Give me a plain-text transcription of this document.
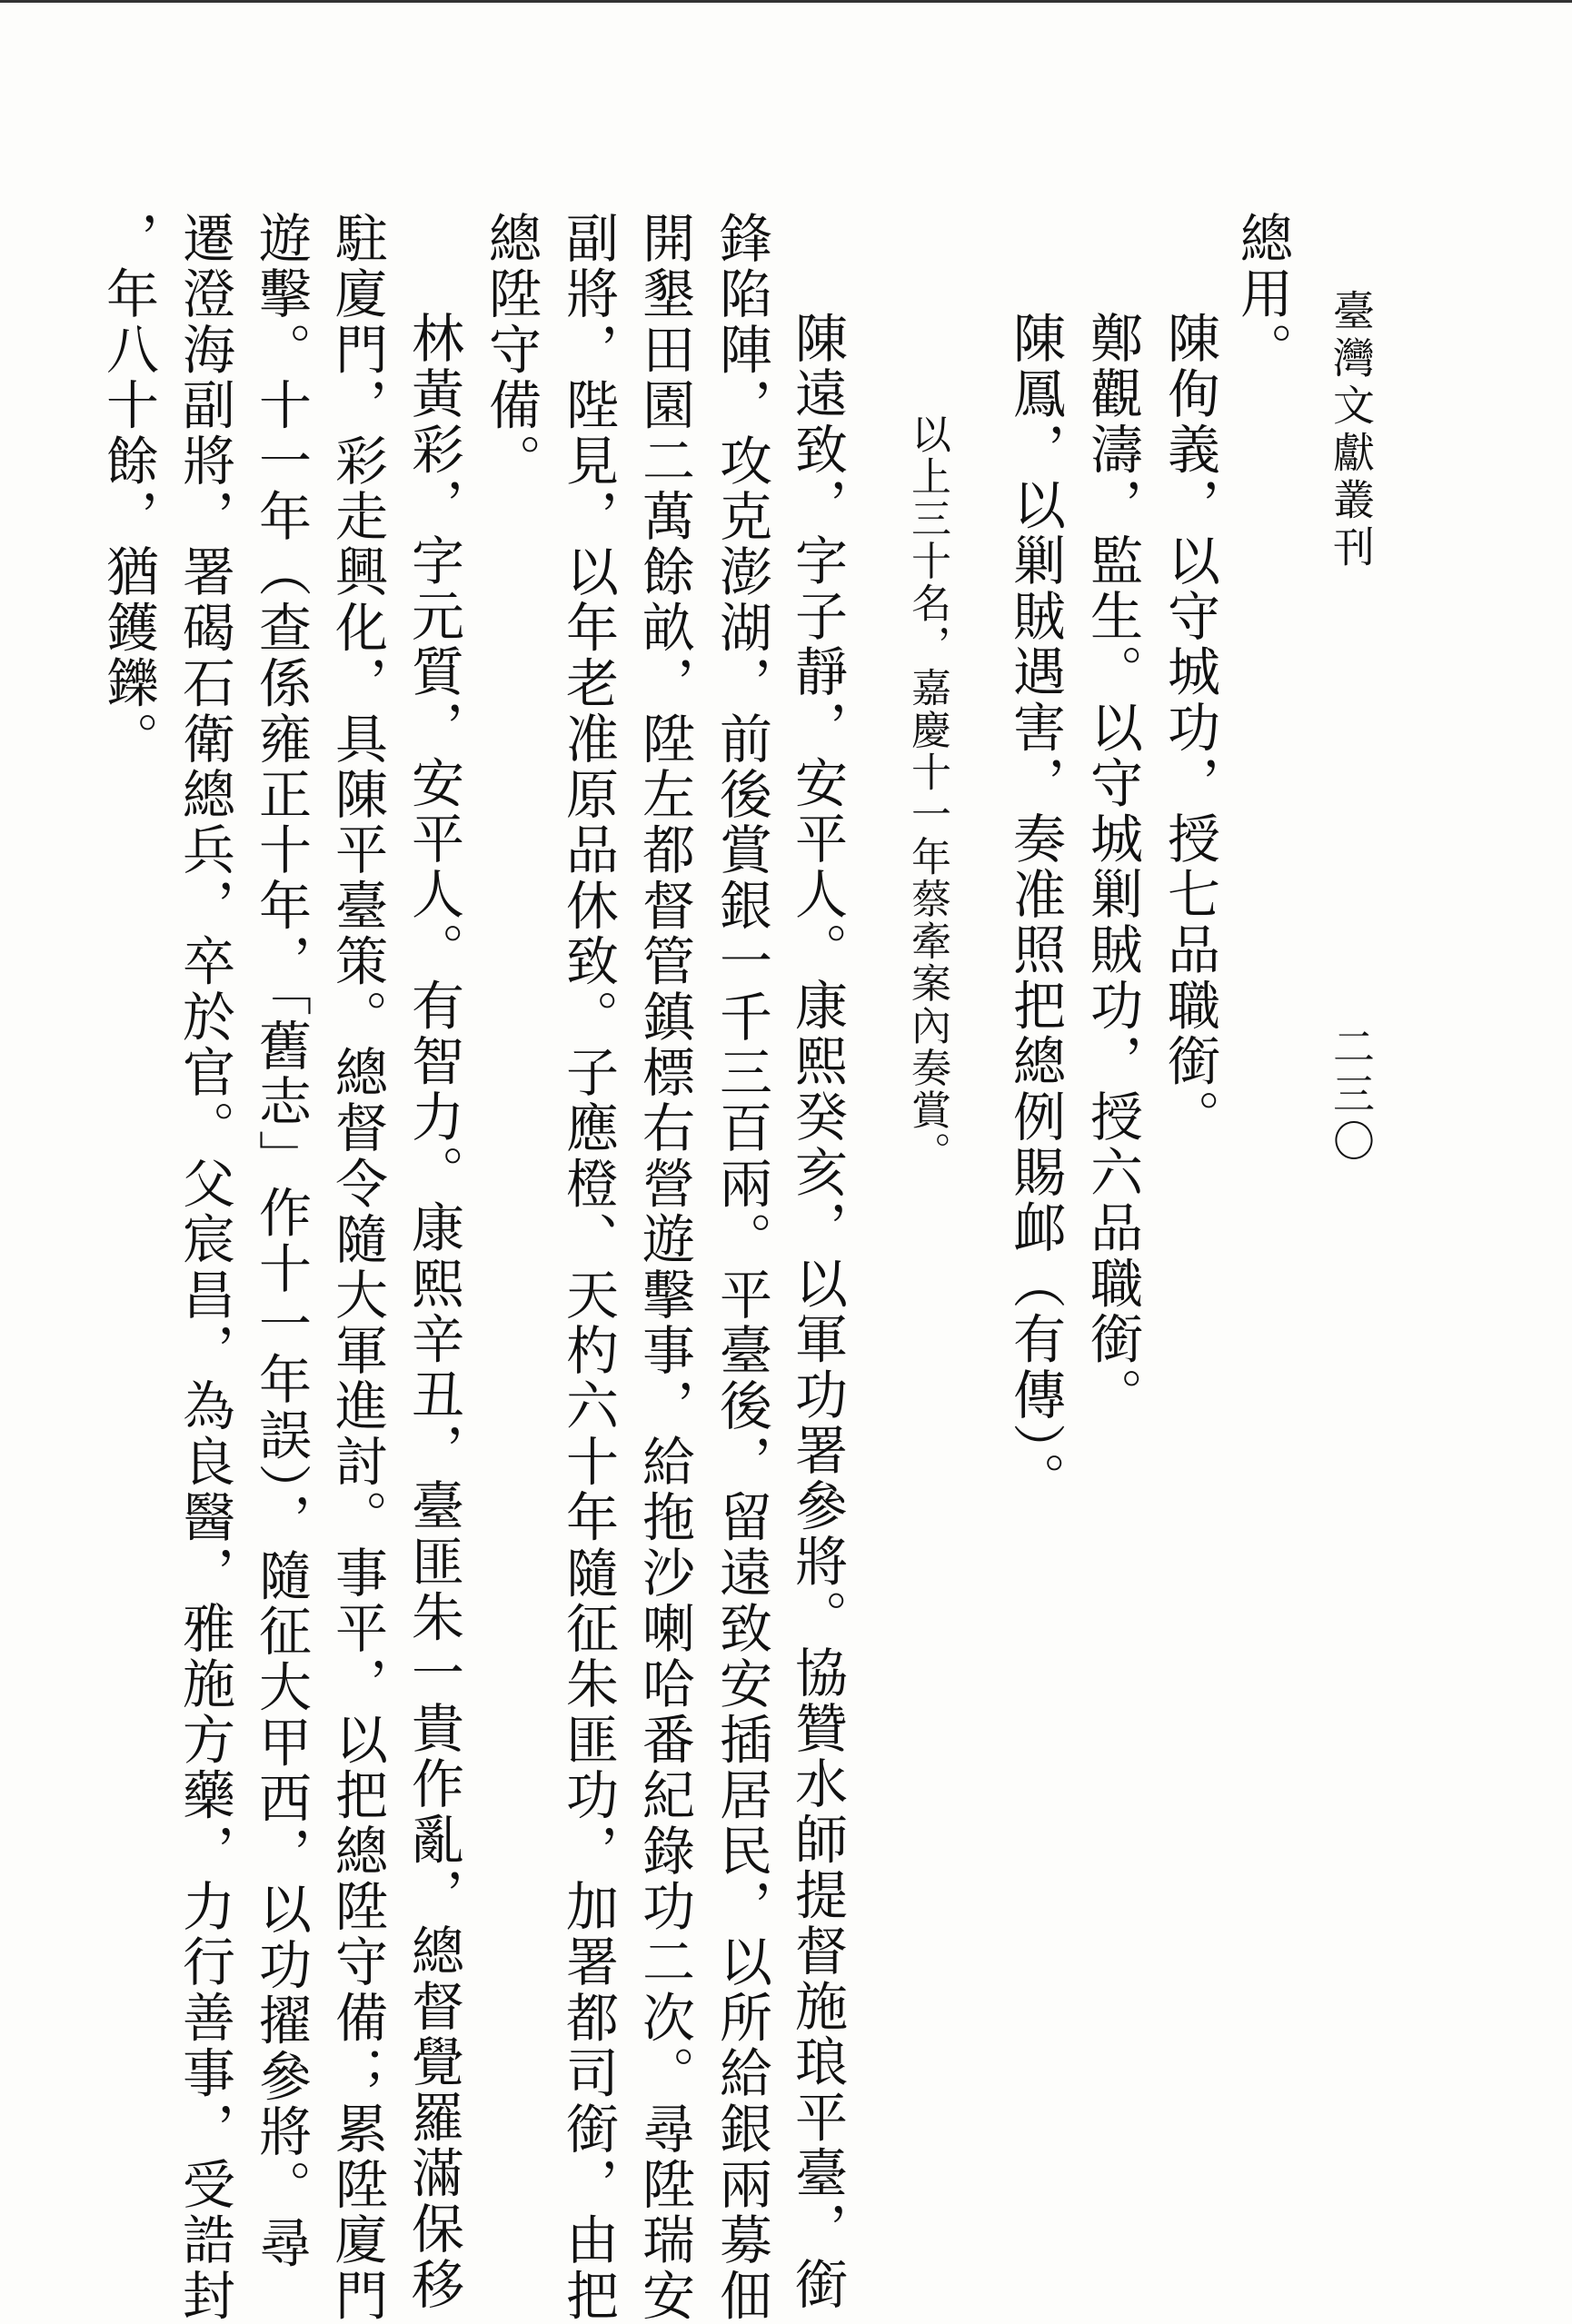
臺灣文獻叢刊
二三〇
總用。
陳侚義，以守城功，授七品職銜。
鄭觀濤，監生。以守城剿賊功，授六品職銜。
陳鳳，以剿賊遇害，奏准照把總例賜䘏（有傳）。
以上三十名，嘉慶十一年蔡牽案內奏賞。
陳遠致，字子靜，安平人。康熙癸亥，以軍功署參將。協贊水師提督施琅平臺，銜
鋒陷陣，攻克澎湖，前後賞銀一千三百兩。平臺後，留遠致安插居民，以所給銀兩募佃
開墾田園二萬餘畝，陞左都督管鎮標右營遊擊事，給拖沙喇哈番紀錄功二次。尋陞瑞安
副將，陛見，以年老准原品休致。子應橙、天杓六十年隨征朱匪功，加署都司銜，由把
總陞守備。
林黃彩，字元質，安平人。有智力。康熙辛丑，臺匪朱一貴作亂，總督覺羅滿保移
駐廈門，彩走興化，具陳平臺策。總督令隨大軍進討。事平，以把總陞守備；累陞廈門
遊擊。十一年（查係雍正十年，「舊志」作十一年誤），隨征大甲西，以功擢參將。尋
遷澄海副將，署碣石衛總兵，卒於官。父宸昌，為良醫，雅施方藥，力行善事，受誥封
，年八十餘，猶鑊鑠。
